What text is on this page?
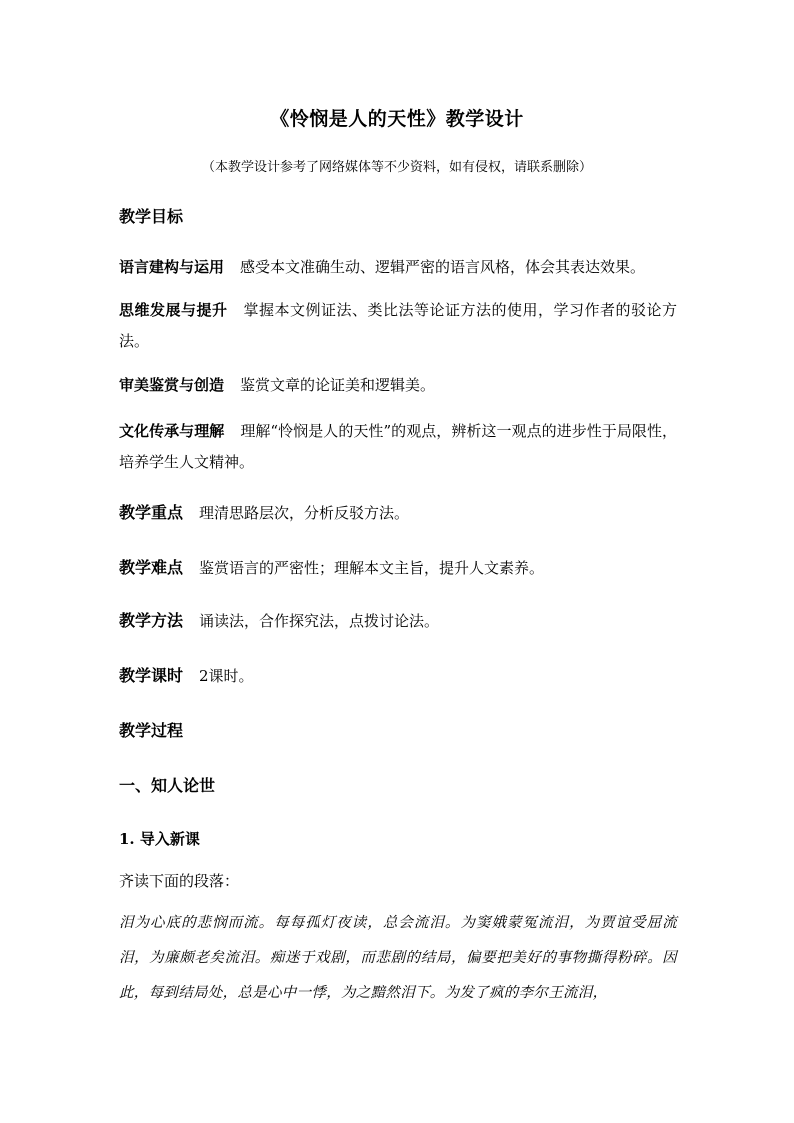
《怜悯是人的天性》教学设计
（本教学设计参考了网络媒体等不少资料，如有侵权，请联系删除）
教学目标
语言建构与运用 感受本文准确生动、逻辑严密的语言风格，体会其表达效果。
思维发展与提升 掌握本文例证法、类比法等论证方法的使用，学习作者的驳论方法。
审美鉴赏与创造 鉴赏文章的论证美和逻辑美。
文化传承与理解 理解“怜悯是人的天性”的观点，辨析这一观点的进步性于局限性，培养学生人文精神。
教学重点 理清思路层次，分析反驳方法。
教学难点 鉴赏语言的严密性；理解本文主旨，提升人文素养。
教学方法 诵读法，合作探究法，点拨讨论法。
教学课时 2课时。
教学过程
一、知人论世
1. 导入新课
齐读下面的段落：
泪为心底的悲悯而流。每每孤灯夜读，总会流泪。为窦娥蒙冤流泪，为贾谊受屈流泪，为廉颇老矣流泪。痴迷于戏剧，而悲剧的结局，偏要把美好的事物撕得粉碎。因此，每到结局处，总是心中一悸，为之黯然泪下。为发了疯的李尔王流泪，
